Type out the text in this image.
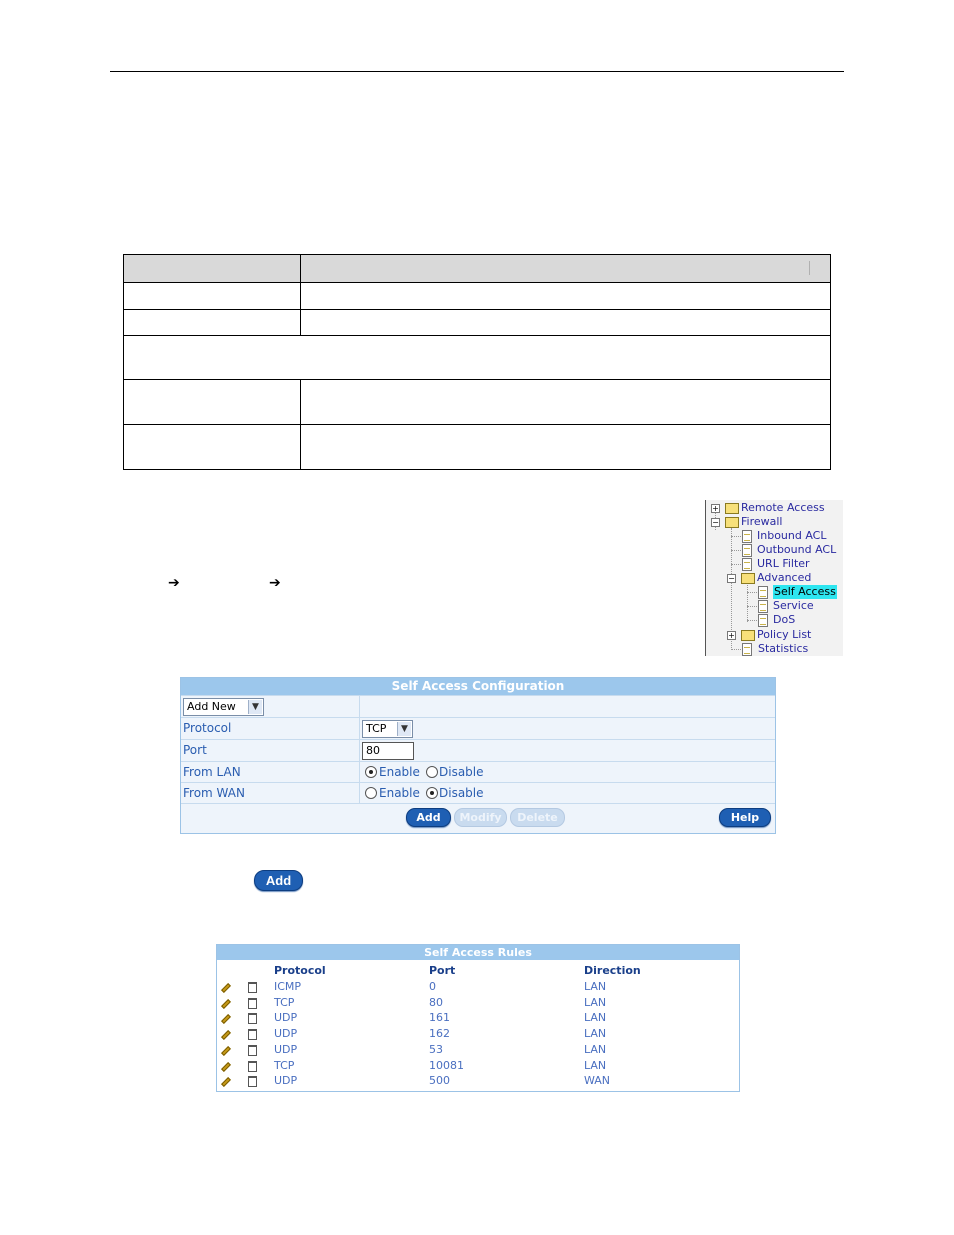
➔	➔
+ Remote Access
− Firewall
Inbound ACL
Outbound ACL
URL Filter
− Advanced
Self Access
Service
DoS
+ Policy List
Statistics
Self Access Configuration
Add New	▼
Protocol	TCP	▼
Port	80
From LAN	Enable Disable
From WAN	Enable Disable
Add	Modify	Delete	Help
Add
Self Access Rules
Protocol	Port	Direction
ICMP	0	LAN
TCP	80	LAN
UDP	161	LAN
UDP	162	LAN
UDP	53	LAN
TCP	10081	LAN
UDP	500	WAN
